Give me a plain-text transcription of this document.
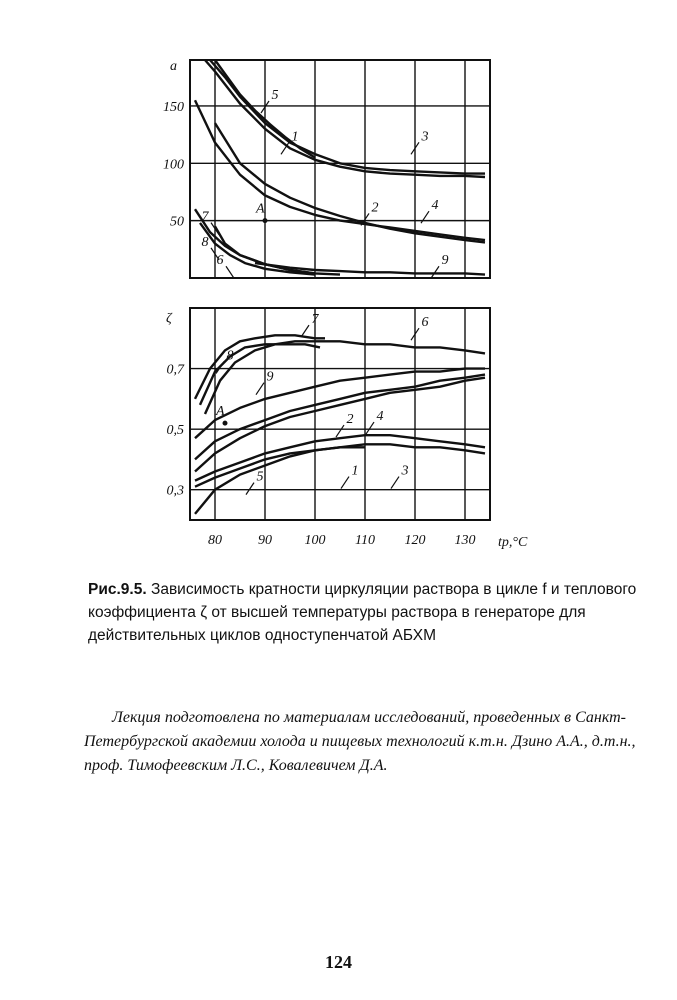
50
100
150
1	3
5
2	4
7
8
6	9
A
a
80	90 100 110 120 130
0,3
0,5
0,7
7
8
6
9
2 4
3
1
5
A
ζ
tр,°C
Рис.9.5. Зависимость кратности циркуляции раствора в цикле f и теплового коэффициента ζ от высшей температуры раствора в генераторе для действительных циклов одноступенчатой АБХМ
Лекция подготовлена по материалам исследований, проведенных в Санкт-Петербургской академии холода и пищевых технологий к.т.н. Дзино А.А., д.т.н., проф. Тимофеевским Л.С., Ковалевичем Д.А.
124
